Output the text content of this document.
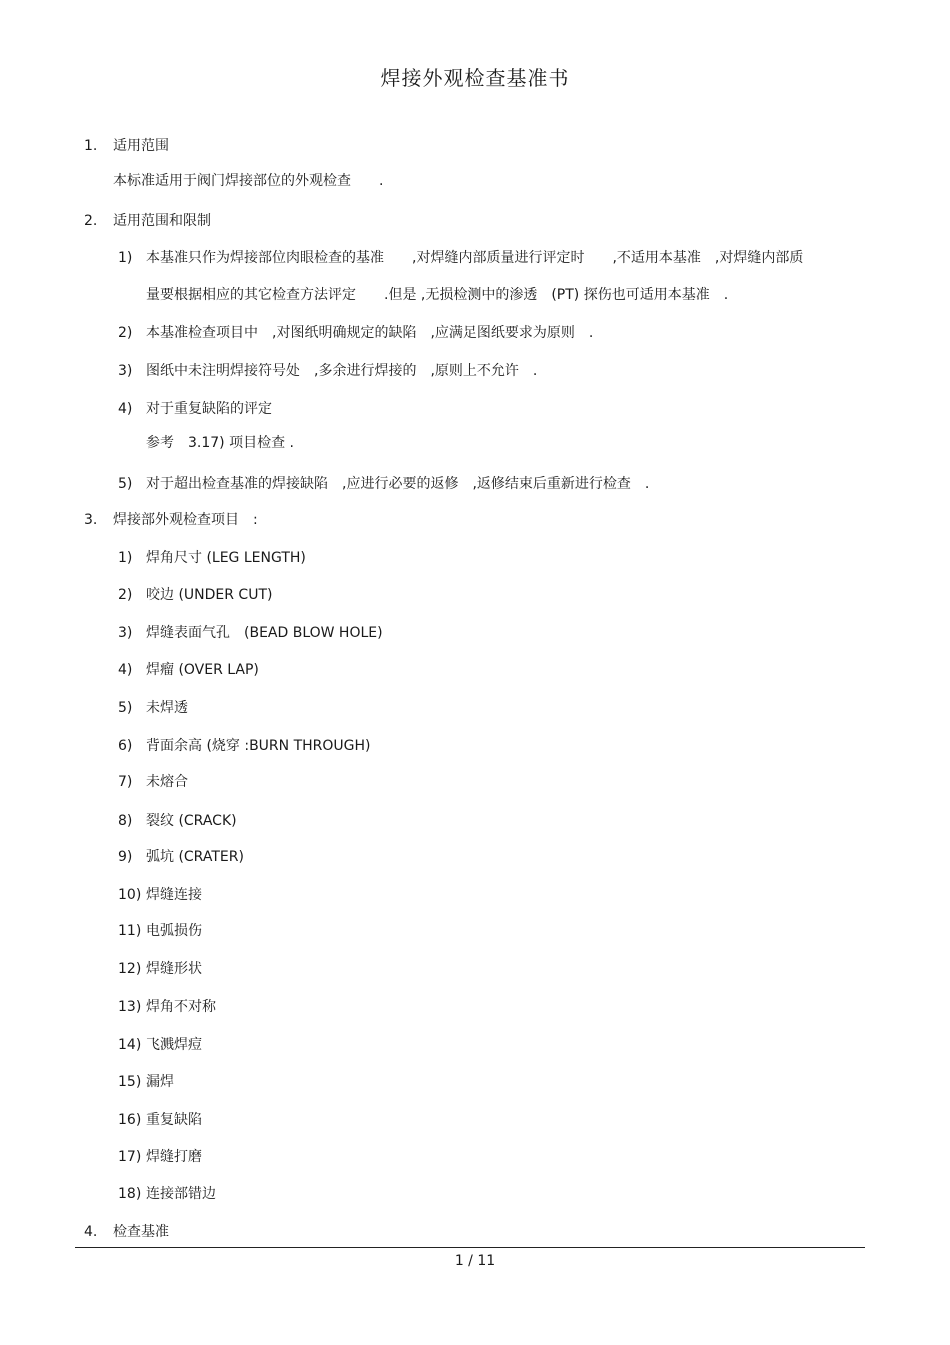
焊接外观检查基准书
1. 适用范围
本标准适用于阀门焊接部位的外观检查　　.
2. 适用范围和限制
1) 本基准只作为焊接部位肉眼检查的基准　　,对焊缝内部质量进行评定时　　,不适用本基准　,对焊缝内部质
量要根据相应的其它检查方法评定　　.但是 ,无损检测中的渗透　(PT) 探伤也可适用本基准　.
2) 本基准检查项目中　,对图纸明确规定的缺陷　,应满足图纸要求为原则　.
3) 图纸中未注明焊接符号处　,多余进行焊接的　,原则上不允许　.
4) 对于重复缺陷的评定
参考　3.17) 项目检查 .
5) 对于超出检查基准的焊接缺陷　,应进行必要的返修　,返修结束后重新进行检查　.
3. 焊接部外观检查项目　:
1) 焊角尺寸 (LEG LENGTH)
2) 咬边 (UNDER CUT)
3) 焊缝表面气孔　(BEAD BLOW HOLE)
4) 焊瘤 (OVER LAP)
5) 未焊透
6) 背面余高 (烧穿 :BURN THROUGH)
7) 未熔合
8) 裂纹 (CRACK)
9) 弧坑 (CRATER)
10) 焊缝连接
11) 电弧损伤
12) 焊缝形状
13) 焊角不对称
14) 飞溅焊痘
15) 漏焊
16) 重复缺陷
17) 焊缝打磨
18) 连接部错边
4. 检查基准
1 / 11
